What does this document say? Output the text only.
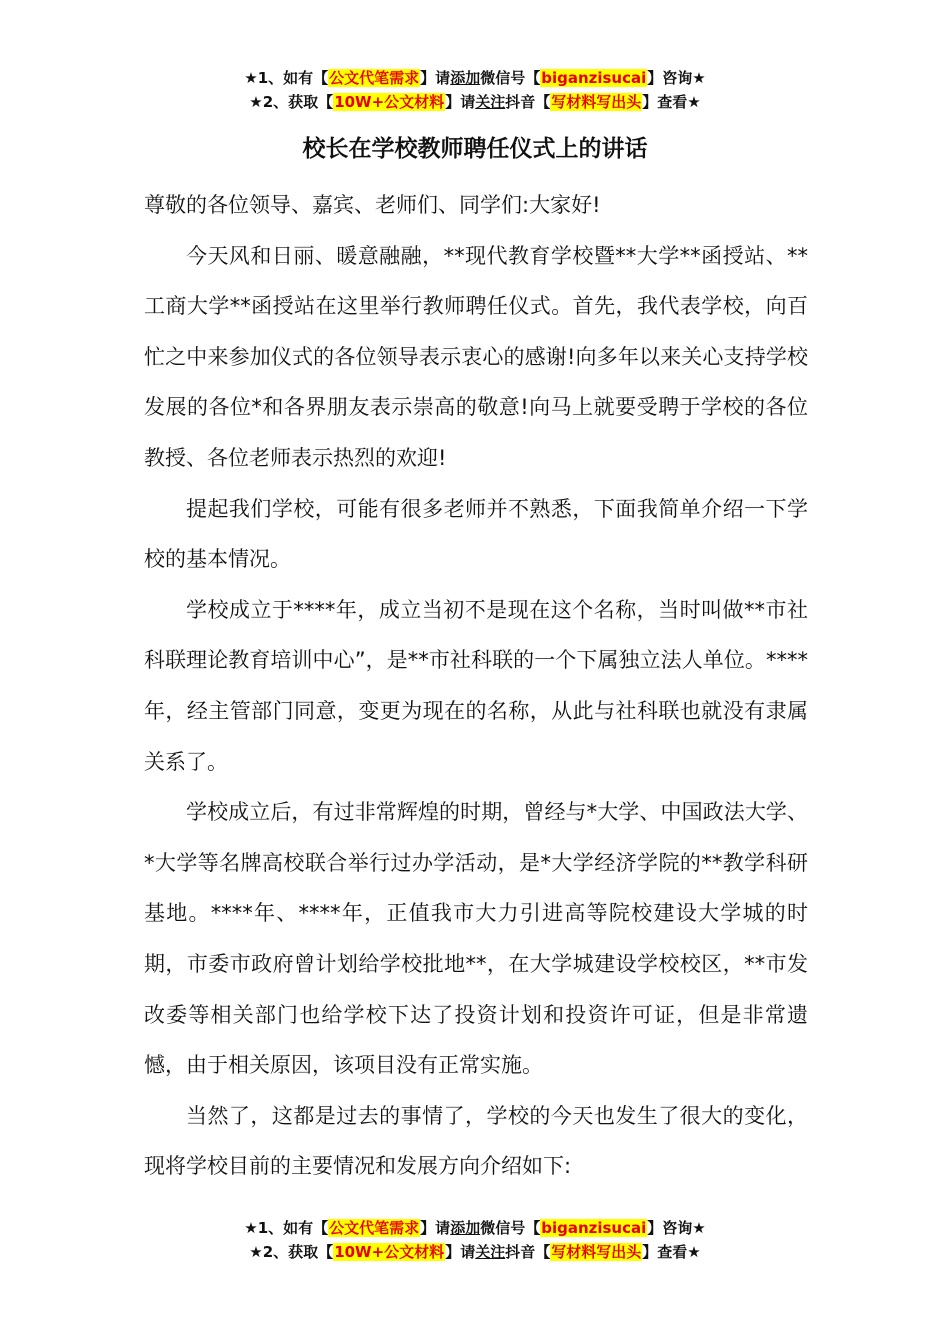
★1、如有【公文代笔需求】请添加微信号【biganzisucai】咨询★
★2、获取【10W+公文材料】请关注抖音【写材料写出头】查看★
校长在学校教师聘任仪式上的讲话

尊敬的各位领导、嘉宾、老师们、同学们:大家好!

今天风和日丽、暖意融融，**现代教育学校暨**大学**函授站、**工商大学**函授站在这里举行教师聘任仪式。首先，我代表学校，向百忙之中来参加仪式的各位领导表示衷心的感谢!向多年以来关心支持学校发展的各位*和各界朋友表示崇高的敬意!向马上就要受聘于学校的各位教授、各位老师表示热烈的欢迎!

提起我们学校，可能有很多老师并不熟悉，下面我简单介绍一下学校的基本情况。

学校成立于****年，成立当初不是现在这个名称，当时叫做**市社科联理论教育培训中心”，是**市社科联的一个下属独立法人单位。****年，经主管部门同意，变更为现在的名称，从此与社科联也就没有隶属关系了。

学校成立后，有过非常辉煌的时期，曾经与*大学、中国政法大学、*大学等名牌高校联合举行过办学活动，是*大学经济学院的**教学科研基地。****年、****年，正值我市大力引进高等院校建设大学城的时期，市委市政府曾计划给学校批地**，在大学城建设学校校区，**市发改委等相关部门也给学校下达了投资计划和投资许可证，但是非常遗憾，由于相关原因，该项目没有正常实施。

当然了，这都是过去的事情了，学校的今天也发生了很大的变化，现将学校目前的主要情况和发展方向介绍如下:

★1、如有【公文代笔需求】请添加微信号【biganzisucai】咨询★
★2、获取【10W+公文材料】请关注抖音【写材料写出头】查看★
